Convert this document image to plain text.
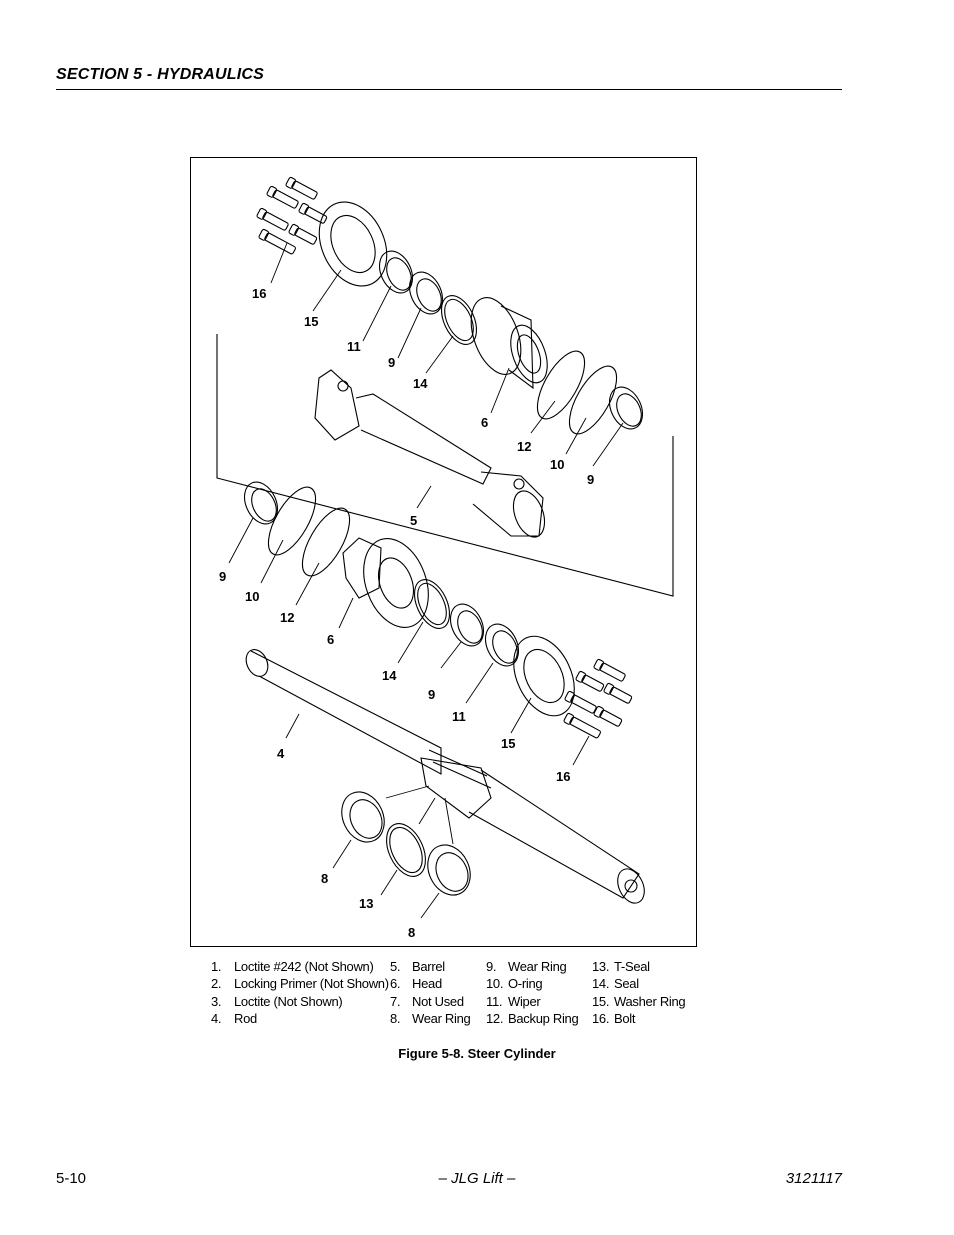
SECTION 5 - HYDRAULICS
16
15
11
9
14
6
12
10
9
5
9
10
12
6
14
9
11
15
16
4
8
13
8
1. Loctite #242 (Not Shown)
2. Locking Primer (Not Shown)
3. Loctite (Not Shown)
4. Rod
5. Barrel
6. Head
7. Not Used
8. Wear Ring
9. Wear Ring
10. O-ring
11. Wiper
12. Backup Ring
13. T-Seal
14. Seal
15. Washer Ring
16. Bolt
Figure 5-8. Steer Cylinder
5-10	– JLG Lift –	3121117
